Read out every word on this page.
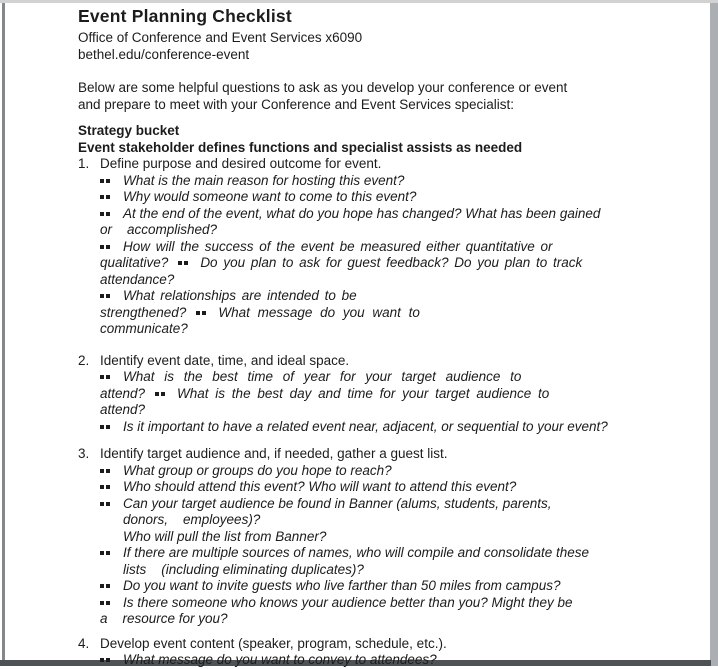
Event Planning Checklist
Office of Conference and Event Services x6090
bethel.edu/conference-event
Below are some helpful questions to ask as you develop your conference or event
and prepare to meet with your Conference and Event Services specialist:
Strategy bucket
Event stakeholder defines functions and specialist assists as needed
1. Define purpose and desired outcome for event.
What is the main reason for hosting this event?
Why would someone want to come to this event?
At the end of the event, what do you hope has changed? What has been gained
or    accomplished?
How will the success of the event be measured either quantitative or
qualitative? Do you plan to ask for guest feedback? Do you plan to track
attendance?
What relationships are intended to be
strengthened? What message do you want to
communicate?
2. Identify event date, time, and ideal space.
What is the best time of year for your target audience to
attend? What is the best day and time for your target audience to
attend?
Is it important to have a related event near, adjacent, or sequential to your event?
3. Identify target audience and, if needed, gather a guest list.
What group or groups do you hope to reach?
Who should attend this event? Who will want to attend this event?
Can your target audience be found in Banner (alums, students, parents,
donors,    employees)?
Who will pull the list from Banner?
If there are multiple sources of names, who will compile and consolidate these
lists    (including eliminating duplicates)?
Do you want to invite guests who live farther than 50 miles from campus?
Is there someone who knows your audience better than you? Might they be
a    resource for you?
4. Develop event content (speaker, program, schedule, etc.).
What message do you want to convey to attendees?
